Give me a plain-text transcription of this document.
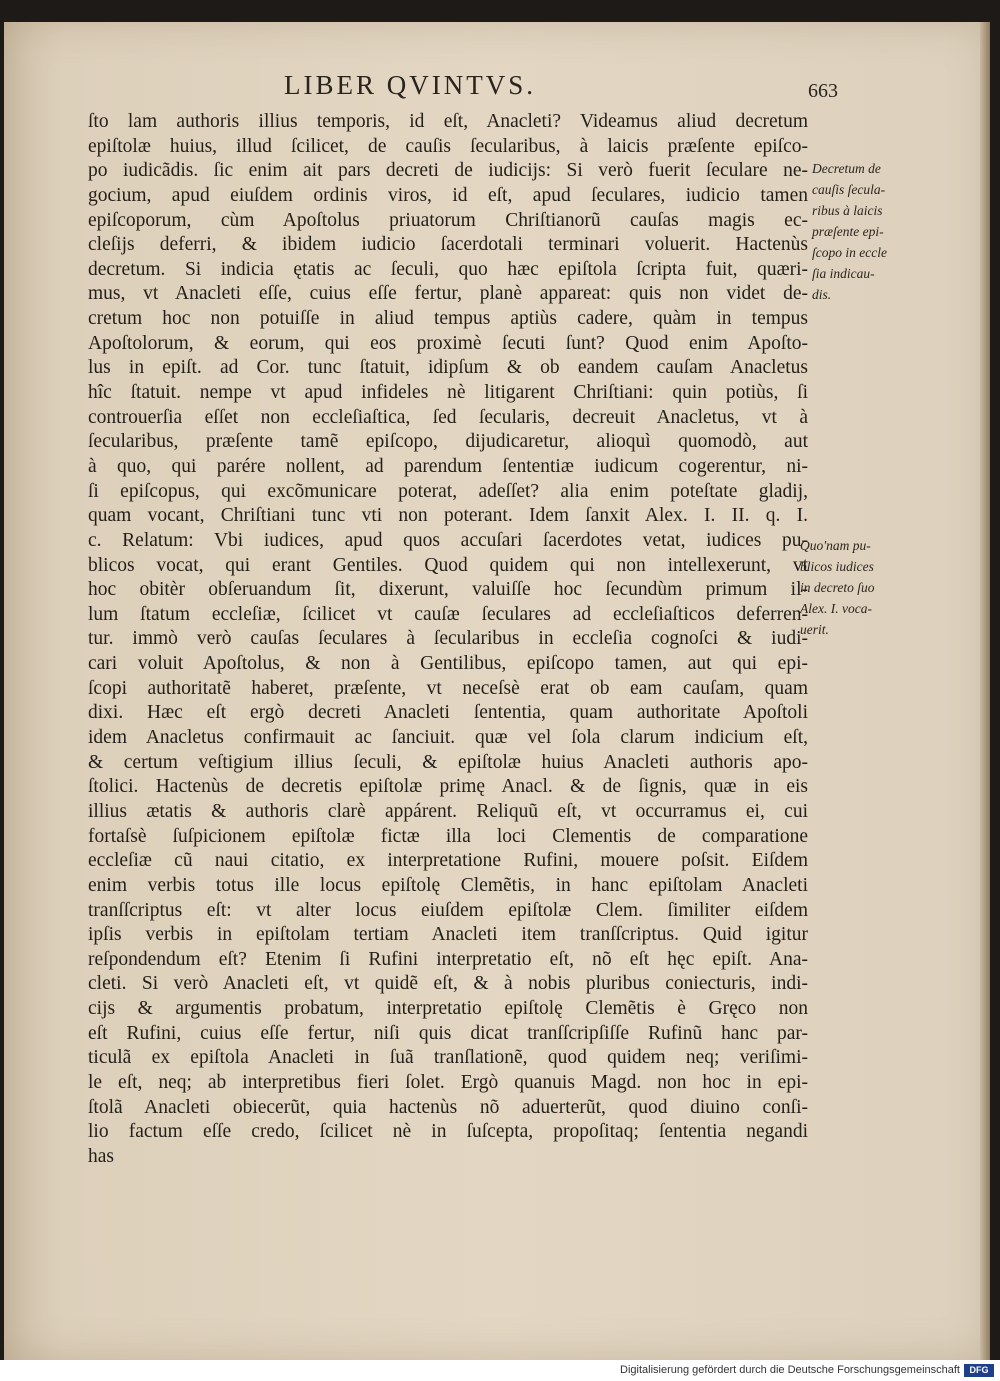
LIBER QVINTVS.	663
ſto lam authoris illius temporis, id eſt, Anacleti? Videamus aliud decretum
epiſtolæ huius, illud ſcilicet, de cauſis ſecularibus, à laicis præſente epiſco-
po iudicãdis. ſic enim ait pars decreti de iudicijs: Si verò fuerit ſeculare ne-
gocium, apud eiuſdem ordinis viros, id eſt, apud ſeculares, iudicio tamen
epiſcoporum, cùm Apoſtolus priuatorum Chriſtianorũ cauſas magis ec-
cleſijs deferri, & ibidem iudicio ſacerdotali terminari voluerit. Hactenùs
decretum. Si indicia ętatis ac ſeculi, quo hæc epiſtola ſcripta fuit, quæri-
mus, vt Anacleti eſſe, cuius eſſe fertur, planè appareat: quis non videt de-
cretum hoc non potuiſſe in aliud tempus aptiùs cadere, quàm in tempus
Apoſtolorum, & eorum, qui eos proximè ſecuti ſunt? Quod enim Apoſto-
lus in epiſt. ad Cor. tunc ſtatuit, idipſum & ob eandem cauſam Anacletus
hîc ſtatuit. nempe vt apud infideles nè litigarent Chriſtiani: quin potiùs, ſi
controuerſia eſſet non eccleſiaſtica, ſed ſecularis, decreuit Anacletus, vt à
ſecularibus, præſente tamẽ epiſcopo, dijudicaretur, alioquì quomodò, aut
à quo, qui parére nollent, ad parendum ſententiæ iudicum cogerentur, ni-
ſi epiſcopus, qui excõmunicare poterat, adeſſet? alia enim poteſtate gladij,
quam vocant, Chriſtiani tunc vti non poterant. Idem ſanxit Alex. I. II. q. I.
c. Relatum: Vbi iudices, apud quos accuſari ſacerdotes vetat, iudices pu-
blicos vocat, qui erant Gentiles. Quod quidem qui non intellexerunt, vt
hoc obitèr obſeruandum ſit, dixerunt, valuiſſe hoc ſecundùm primum il-
lum ſtatum eccleſiæ, ſcilicet vt cauſæ ſeculares ad eccleſiaſticos deferren-
tur. immò verò cauſas ſeculares à ſecularibus in eccleſia cognoſci & iudi-
cari voluit Apoſtolus, & non à Gentilibus, epiſcopo tamen, aut qui epi-
ſcopi authoritatẽ haberet, præſente, vt neceſsè erat ob eam cauſam, quam
dixi. Hæc eſt ergò decreti Anacleti ſententia, quam authoritate Apoſtoli
idem Anacletus confirmauit ac ſanciuit. quæ vel ſola clarum indicium eſt,
& certum veſtigium illius ſeculi, & epiſtolæ huius Anacleti authoris apo-
ſtolici. Hactenùs de decretis epiſtolæ primę Anacl. & de ſignis, quæ in eis
illius ætatis & authoris clarè appárent. Reliquũ eſt, vt occurramus ei, cui
fortaſsè ſuſpicionem epiſtolæ fictæ illa loci Clementis de comparatione
eccleſiæ cũ naui citatio, ex interpretatione Rufini, mouere poſsit. Eiſdem
enim verbis totus ille locus epiſtolę Clemẽtis, in hanc epiſtolam Anacleti
tranſſcriptus eſt: vt alter locus eiuſdem epiſtolæ Clem. ſimiliter eiſdem
ipſis verbis in epiſtolam tertiam Anacleti item tranſſcriptus. Quid igitur
reſpondendum eſt? Etenim ſi Rufini interpretatio eſt, nõ eſt hęc epiſt. Ana-
cleti. Si verò Anacleti eſt, vt quidẽ eſt, & à nobis pluribus coniecturis, indi-
cijs & argumentis probatum, interpretatio epiſtolę Clemẽtis è Gręco non
eſt Rufini, cuius eſſe fertur, niſi quis dicat tranſſcripſiſſe Rufinũ hanc par-
ticulã ex epiſtola Anacleti in ſuã tranſlationẽ, quod quidem neq; veriſimi-
le eſt, neq; ab interpretibus fieri ſolet. Ergò quanuis Magd. non hoc in epi-
ſtolã Anacleti obiecerũt, quia hactenùs nõ aduerterũt, quod diuino conſi-
lio factum eſſe credo, ſcilicet nè in ſuſcepta, propoſitaq; ſententia negandi
has
Decretum de
cauſis ſecula-
ribus à laicis
præſente epi-
ſcopo in eccle
ſia indicau-
dis.
Quo'nam pu-
blicos iudices
in decreto ſuo
Alex. I. voca-
uerit.
Digitalisierung gefördert durch die Deutsche Forschungsgemeinschaft	DFG
